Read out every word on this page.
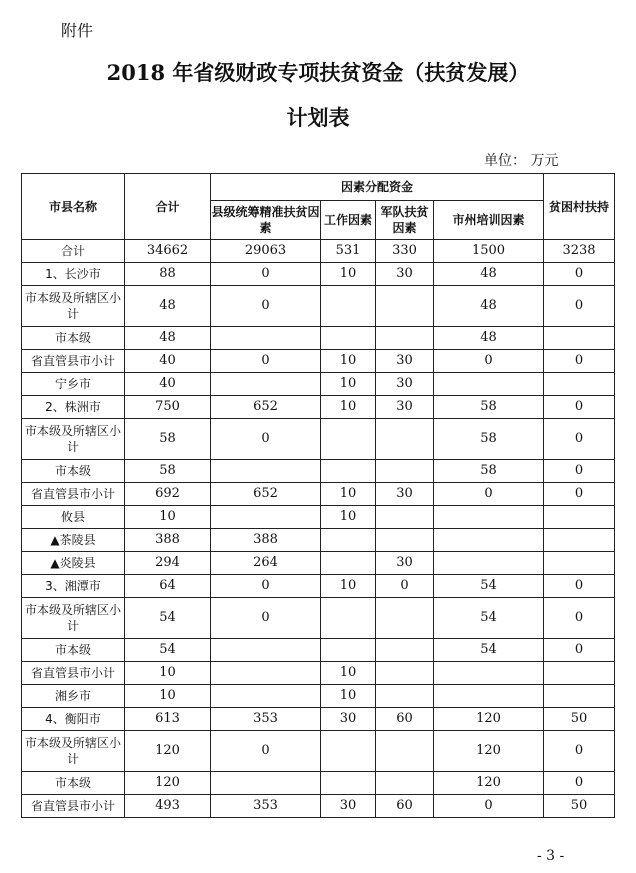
附件
2018 年省级财政专项扶贫资金（扶贫发展）
计划表
单位： 万元
市县名称	合计	因素分配资金				贫困村扶持
		县级统筹精准扶贫因素	工作因素	军队扶贫因素	市州培训因素	
合计	34662	29063	531	330	1500	3238
1、长沙市	88	0	10	30	48	0
市本级及所辖区小计	48	0			48	0
市本级	48				48	
省直管县市小计	40	0	10	30	0	0
宁乡市	40		10	30		
2、株洲市	750	652	10	30	58	0
市本级及所辖区小计	58	0			58	0
市本级	58				58	0
省直管县市小计	692	652	10	30	0	0
攸县	10		10			
▲茶陵县	388	388				
▲炎陵县	294	264		30		
3、湘潭市	64	0	10	0	54	0
市本级及所辖区小计	54	0			54	0
市本级	54				54	0
省直管县市小计	10		10			
湘乡市	10		10			
4、衡阳市	613	353	30	60	120	50
市本级及所辖区小计	120	0			120	0
市本级	120				120	0
省直管县市小计	493	353	30	60	0	50
- 3 -
